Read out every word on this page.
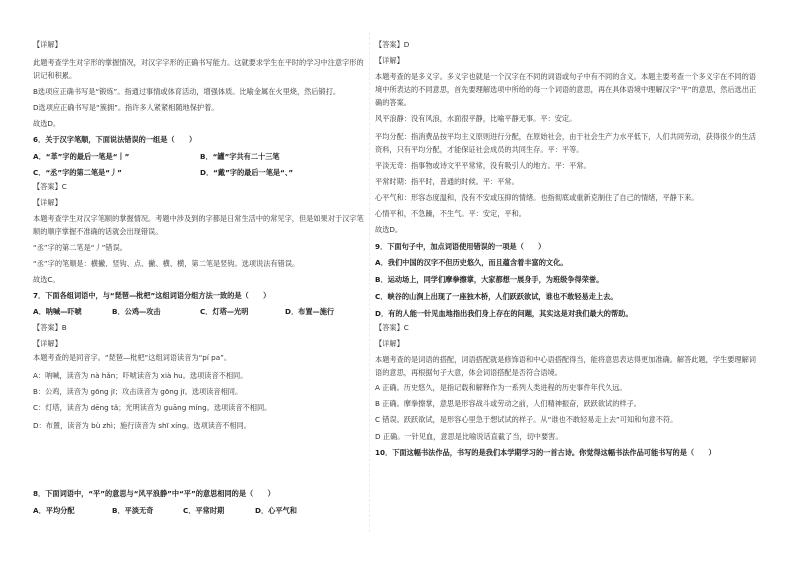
【详解】

此题考查学生对字形的掌握情况，对汉字字形的正确书写能力。这就要求学生在平时的学习中注意字形的识记和积累。

B选项应正确书写是“锻炼”。指通过事情或体育活动，增强体质。比喻金属在火里烧，然后锻打。

D选项应正确书写是“簇拥”。指许多人紧紧相随地保护着。

故选D。

6．关于汉字笔顺，下面说法错误的一组是（　　）

A．“革”字的最后一笔是“丨”	B．“罐”字共有二十三笔
C．“丞”字的第二笔是“丿”	D．“戴”字的最后一笔是“、”

【答案】C

【详解】

本题考查学生对汉字笔顺的掌握情况。考题中涉及到的字都是日常生活中的常见字，但是如果对于汉字笔顺的顺序掌握不准确的话就会出现错误。

“丞”字的第二笔是“丿”错误。

“丞”字的笔顺是：横撇、竖钩、点、撇、横、横，第二笔是竖钩。选项说法有错误。

故选C。

7．下面各组词语中，与“琵琶—枇杷”这组词语分组方法一致的是（　　）

A．呐喊—吓唬	B．公鸡—攻击	C．灯塔—光明	D．布置—施行

【答案】B

【详解】

本题考查的是同音字。“琵琶—枇杷”这组词语读音为“pí pa”。

A：呐喊，读音为 nà hǎn；吓唬读音为 xià hu。选项读音不相同。

B：公鸡，读音为 gōng jī；攻击读音为 gōng jī。选项读音相同。

C：灯塔，读音为 dēng tǎ；光明读音为 guāng míng。选项读音不相同。

D：布置，读音为 bù zhì；施行读音为 shī xíng。选项读音不相同。

8．下面词语中，“平”的意思与“风平浪静”中“平”的意思相同的是（　　）

A．平均分配	B．平淡无奇	C．平常时期	D．心平气和

【答案】D

【详解】

本题考查的是多义字。多义字也就是一个汉字在不同的词语或句子中有不同的含义。本题主要考查一个多义字在不同的语境中所表达的不同意思，首先要理解选项中所给的每一个词语的意思，再在具体语境中理解汉字“平”的意思，然后选出正确的答案。

风平浪静：没有风浪，水面很平静，比喻平静无事。平：安定。

平均分配：指消费品按平均主义原则进行分配，在原始社会，由于社会生产力水平低下，人们共同劳动，获得很少的生活资料，只有平均分配，才能保证社会成员的共同生存。平：平等。

平淡无奇：指事物或诗文平平常常，没有吸引人的地方。平：平常。

平常时期：指平时，普通的时候。平：平常。

心平气和：形容态度温和，没有不安或压抑的情绪。也指彻底或重新克制住了自己的情绪，平静下来。

心情平和，不急躁，不生气。平：安定，平和。

故选D。

9．下面句子中，加点词语使用错误的一项是（　　）

A．我们中国的汉字不但历史悠久，而且蕴含着丰富的文化。

B．运动场上，同学们摩拳擦掌，大家都想一展身手，为班级争得荣誉。

C．峡谷的山涧上出现了一座独木桥，人们跃跃欲试，谁也不敢轻易走上去。

D．有的人能一针见血地指出我们身上存在的问题，其实这是对我们最大的帮助。

【答案】C

【详解】

本题考查的是词语的搭配，词语搭配就是修饰语和中心语搭配得当，能将意思表达得更加准确。解答此题，学生要理解词语的意思，再根据句子大意，体会词语搭配是否符合语境。

A 正确。历史悠久，是指记载和解释作为一系列人类进程的历史事件年代久远。

B 正确。摩拳擦掌，意思是形容战斗或劳动之前，人们精神振奋，跃跃欲试的样子。

C 错误。跃跃欲试，是形容心里急于想试试的样子。从“谁也不敢轻易走上去”可知和句意不符。

D 正确。一针见血，意思是比喻说话直截了当，切中要害。

10．下面这幅书法作品，书写的是我们本学期学习的一首古诗。你觉得这幅书法作品可能书写的是（　　）
